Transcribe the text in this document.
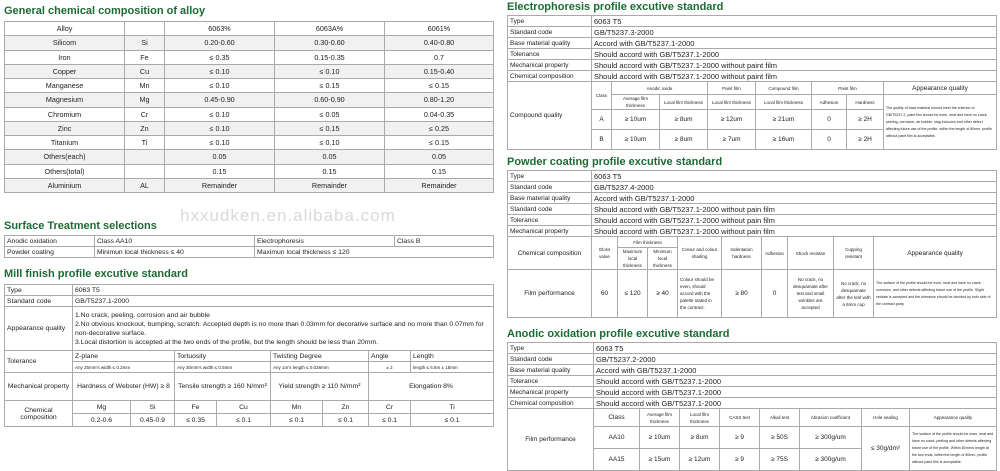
General chemical composition of alloy
Alloy		6063%	6063A%	6061%
Silicom	Si	0.20-0.60	0.30-0.60	0.40-0.80
Iron	Fe	≤ 0.35	0.15-0.35	0.7
Copper	Cu	≤ 0.10	≤ 0.10	0.15-0.40
Manganese	Mn	≤ 0.10	≤ 0.15	≤ 0.15
Magnesium	Mg	0.45-0.90	0.60-0.90	0.80-1.20
Chromium	Cr	≤ 0.10	≤ 0.05	0.04-0.35
Zinc	Zn	≤ 0.10	≤ 0.15	≤ 0.25
Titanium	Ti	≤ 0.10	≤ 0.10	≤ 0.15
Others(each)		0.05	0.05	0.05
Others(total)		0.15	0.15	0.15
Aluminium	AL	Remainder	Remainder	Remainder
Surface Treatment selections
Anodic oxidation	Class AA10	Electrophoresis	Class B
Powder coating	Minimun local thickness ≤ 40	Maximun local thickness ≤ 120	
Mill finish profile excutive standard
Type	6063 T5							
Standard code	GB/T5237.1-2000							
Appearance quality	1.No crack, peeling, corrosion and air bubble
2.No obvious knockout, bumping, scratch. Accepted depth is no more than 0.03mm for decorative surface and no more than 0.07mm for non-decorative surface.
3.Local distortion is accepted at the two ends of the profile, but the length should be less than 20mm.							

Tolerance	Z-plane		Tortuosity		Twisting Degree		Angle	Length
	Any 25mm's width ≤ 0.2mm		Any 30mm's width ≤ 0.5mm		Any 1m's length ≤ 0.026mm		± 2	length ≤ 6.6m ± 15mm
Mechanical property	Hardness of Webster (HW) ≥ 8		Tensile strength ≥ 160 N/mm²		Yield strength ≥ 110 N/mm²		Elongation 8%	
Chemical composition	Mg	Si	Fe	Cu	Mn	Zn	Cr	Ti
	0.2-0.6	0.45-0.9	≤ 0.35	≤ 0.1	≤ 0.1	≤ 0.1	≤ 0.1	≤ 0.1
Electrophoresis profile excutive standard
Type	6063 T5							
Standard code	GB/T5237.3-2000							
Base material quality	Accord with GB/T5237.1-2000							
Tolenance	Should accord with GB/T5237.1-2000							
Mechanical property	Should accord with GB/T5237.1-2000 without paint film							
Chemical composition	Should accord with GB/T5237.1-2000 without paint film							
Compound quality	Class	Anodic oxide		Paint film	Compound film	Paint film		Appearance quality
		Average film thickness	Local film thickness	Local film thickness	Local film thickness	Adhesion	Hardness	The quality of base material should meet the criterion of GB/T5237.2, paint film should be even, neat and have no crack, peeling, corrosion, air bubble, slag inclusion and other defect affecting future use of the profile, within the length of 80mm, profile without paint film is acceptable.
	A	≥ 10um	≥ 8um	≥ 12um	≥ 21um	0	≥ 2H	
	B	≥ 10um	≥ 8um	≥ 7um	≥ 16um	0	≥ 2H	
Powder coating profile excutive standard
Type	6063 T5								
Standard code	GB/T5237.4-2000								
Base material quality	Accord with GB/T5237.1-2000								
Standard code	Should accord with GB/T5237.1-2000 without pain film								
Tolerance	Should accord with GB/T5237.1-2000 without pain film								
Mechanical property	Should accord with GB/T5237.1-2000 without pain film								
Chemical composition	Gloss value	Film thickness		Colour and colour shading	Indentation hardness	Adhesion	Shock resistan	Cupping resistant	Appearance quality
		Maximum local thickness	Minimum local thickness						
Film performance	60	≤ 120	≥ 40	Colour should be even, should accord with the palette stated in the contract.	≥ 80	0	No crack, no desquamate after test and small wrinkles are accepted	No crack, no desquamate after the test with a 6mm cup	The surface of the profile should be even, neat and have no crack, corrosion, and other defects affecting future use of the profile. Slight cedrate is accepted and the tolerance should be decided by both side of the contract party.
Anodic oxidation profile excutive standard
Type	6063 T5							
Standard code	GB/T5237.2-2000							
Base material quality	Accord with GB/T5237.1-2000							
Tolerance	Should accord with GB/T5237.1-2000							
Mechanical property	Should accord with GB/T5237.1-2000							
Chemical composition	Should accord with GB/T5237.1-2000							
Film performance	Class	Average film thickness	Local film thickness	CASS test	Alkali test	Abrasion coefficient	Hole sealing	Appearance quality
	AA10	≥ 10um	≥ 8um	≥ 9	≥ 50S	≥ 300g/um	≤ 30g/dm²	The surface of the profile should be even, neat and have no crack, peeling and other defects affecting future use of the profile. Within 80mm's length at the two ends, within the length of 80mm, profile without paint film is acceptable.
	AA15	≥ 15um	≥ 12um	≥ 9	≥ 75S	≥ 300g/um		
hxxudken.en.alibaba.com
